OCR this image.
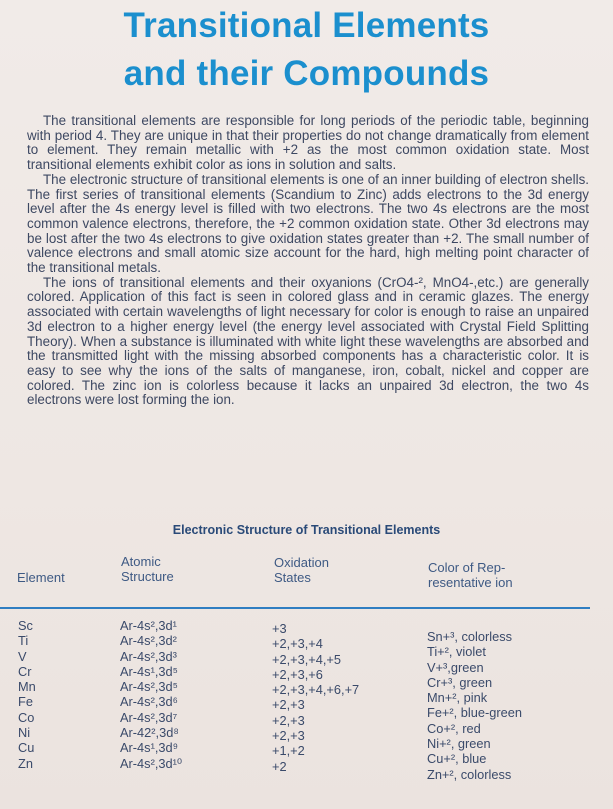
Transitional Elements
and their Compounds

The transitional elements are responsible for long periods of the periodic table, beginning with period 4. They are unique in that their properties do not change dramatically from element to element. They remain metallic with +2 as the most common oxidation state. Most transitional elements exhibit color as ions in solution and salts.

The electronic structure of transitional elements is one of an inner building of electron shells. The first series of transitional elements (Scandium to Zinc) adds electrons to the 3d energy level after the 4s energy level is filled with two electrons. The two 4s electrons are the most common valence electrons, therefore, the +2 common oxidation state. Other 3d electrons may be lost after the two 4s electrons to give oxidation states greater than +2. The small number of valence electrons and small atomic size account for the hard, high melting point character of the transitional metals.

The ions of transitional elements and their oxyanions (CrO4-², MnO4-,etc.) are generally colored. Application of this fact is seen in colored glass and in ceramic glazes. The energy associated with certain wavelengths of light necessary for color is enough to raise an unpaired 3d electron to a higher energy level (the energy level associated with Crystal Field Splitting Theory). When a substance is illuminated with white light these wavelengths are absorbed and the transmitted light with the missing absorbed components has a characteristic color. It is easy to see why the ions of the salts of manganese, iron, cobalt, nickel and copper are colored. The zinc ion is colorless because it lacks an unpaired 3d electron, the two 4s electrons were lost forming the ion.

Electronic Structure of Transitional Elements
Element
Atomic
Structure
Oxidation
States
Color of Rep-
resentative ion
Sc
Ti
V
Cr
Mn
Fe
Co
Ni
Cu
Zn
Ar-4s²,3d¹
Ar-4s²,3d²
Ar-4s²,3d³
Ar-4s¹,3d⁵
Ar-4s²,3d⁵
Ar-4s²,3d⁶
Ar-4s²,3d⁷
Ar-42²,3d⁸
Ar-4s¹,3d⁹
Ar-4s²,3d¹⁰
+3
+2,+3,+4
+2,+3,+4,+5
+2,+3,+6
+2,+3,+4,+6,+7
+2,+3
+2,+3
+2,+3
+1,+2
+2
Sn+³, colorless
Ti+², violet
V+³,green
Cr+³, green
Mn+², pink
Fe+², blue-green
Co+², red
Ni+², green
Cu+², blue
Zn+², colorless
